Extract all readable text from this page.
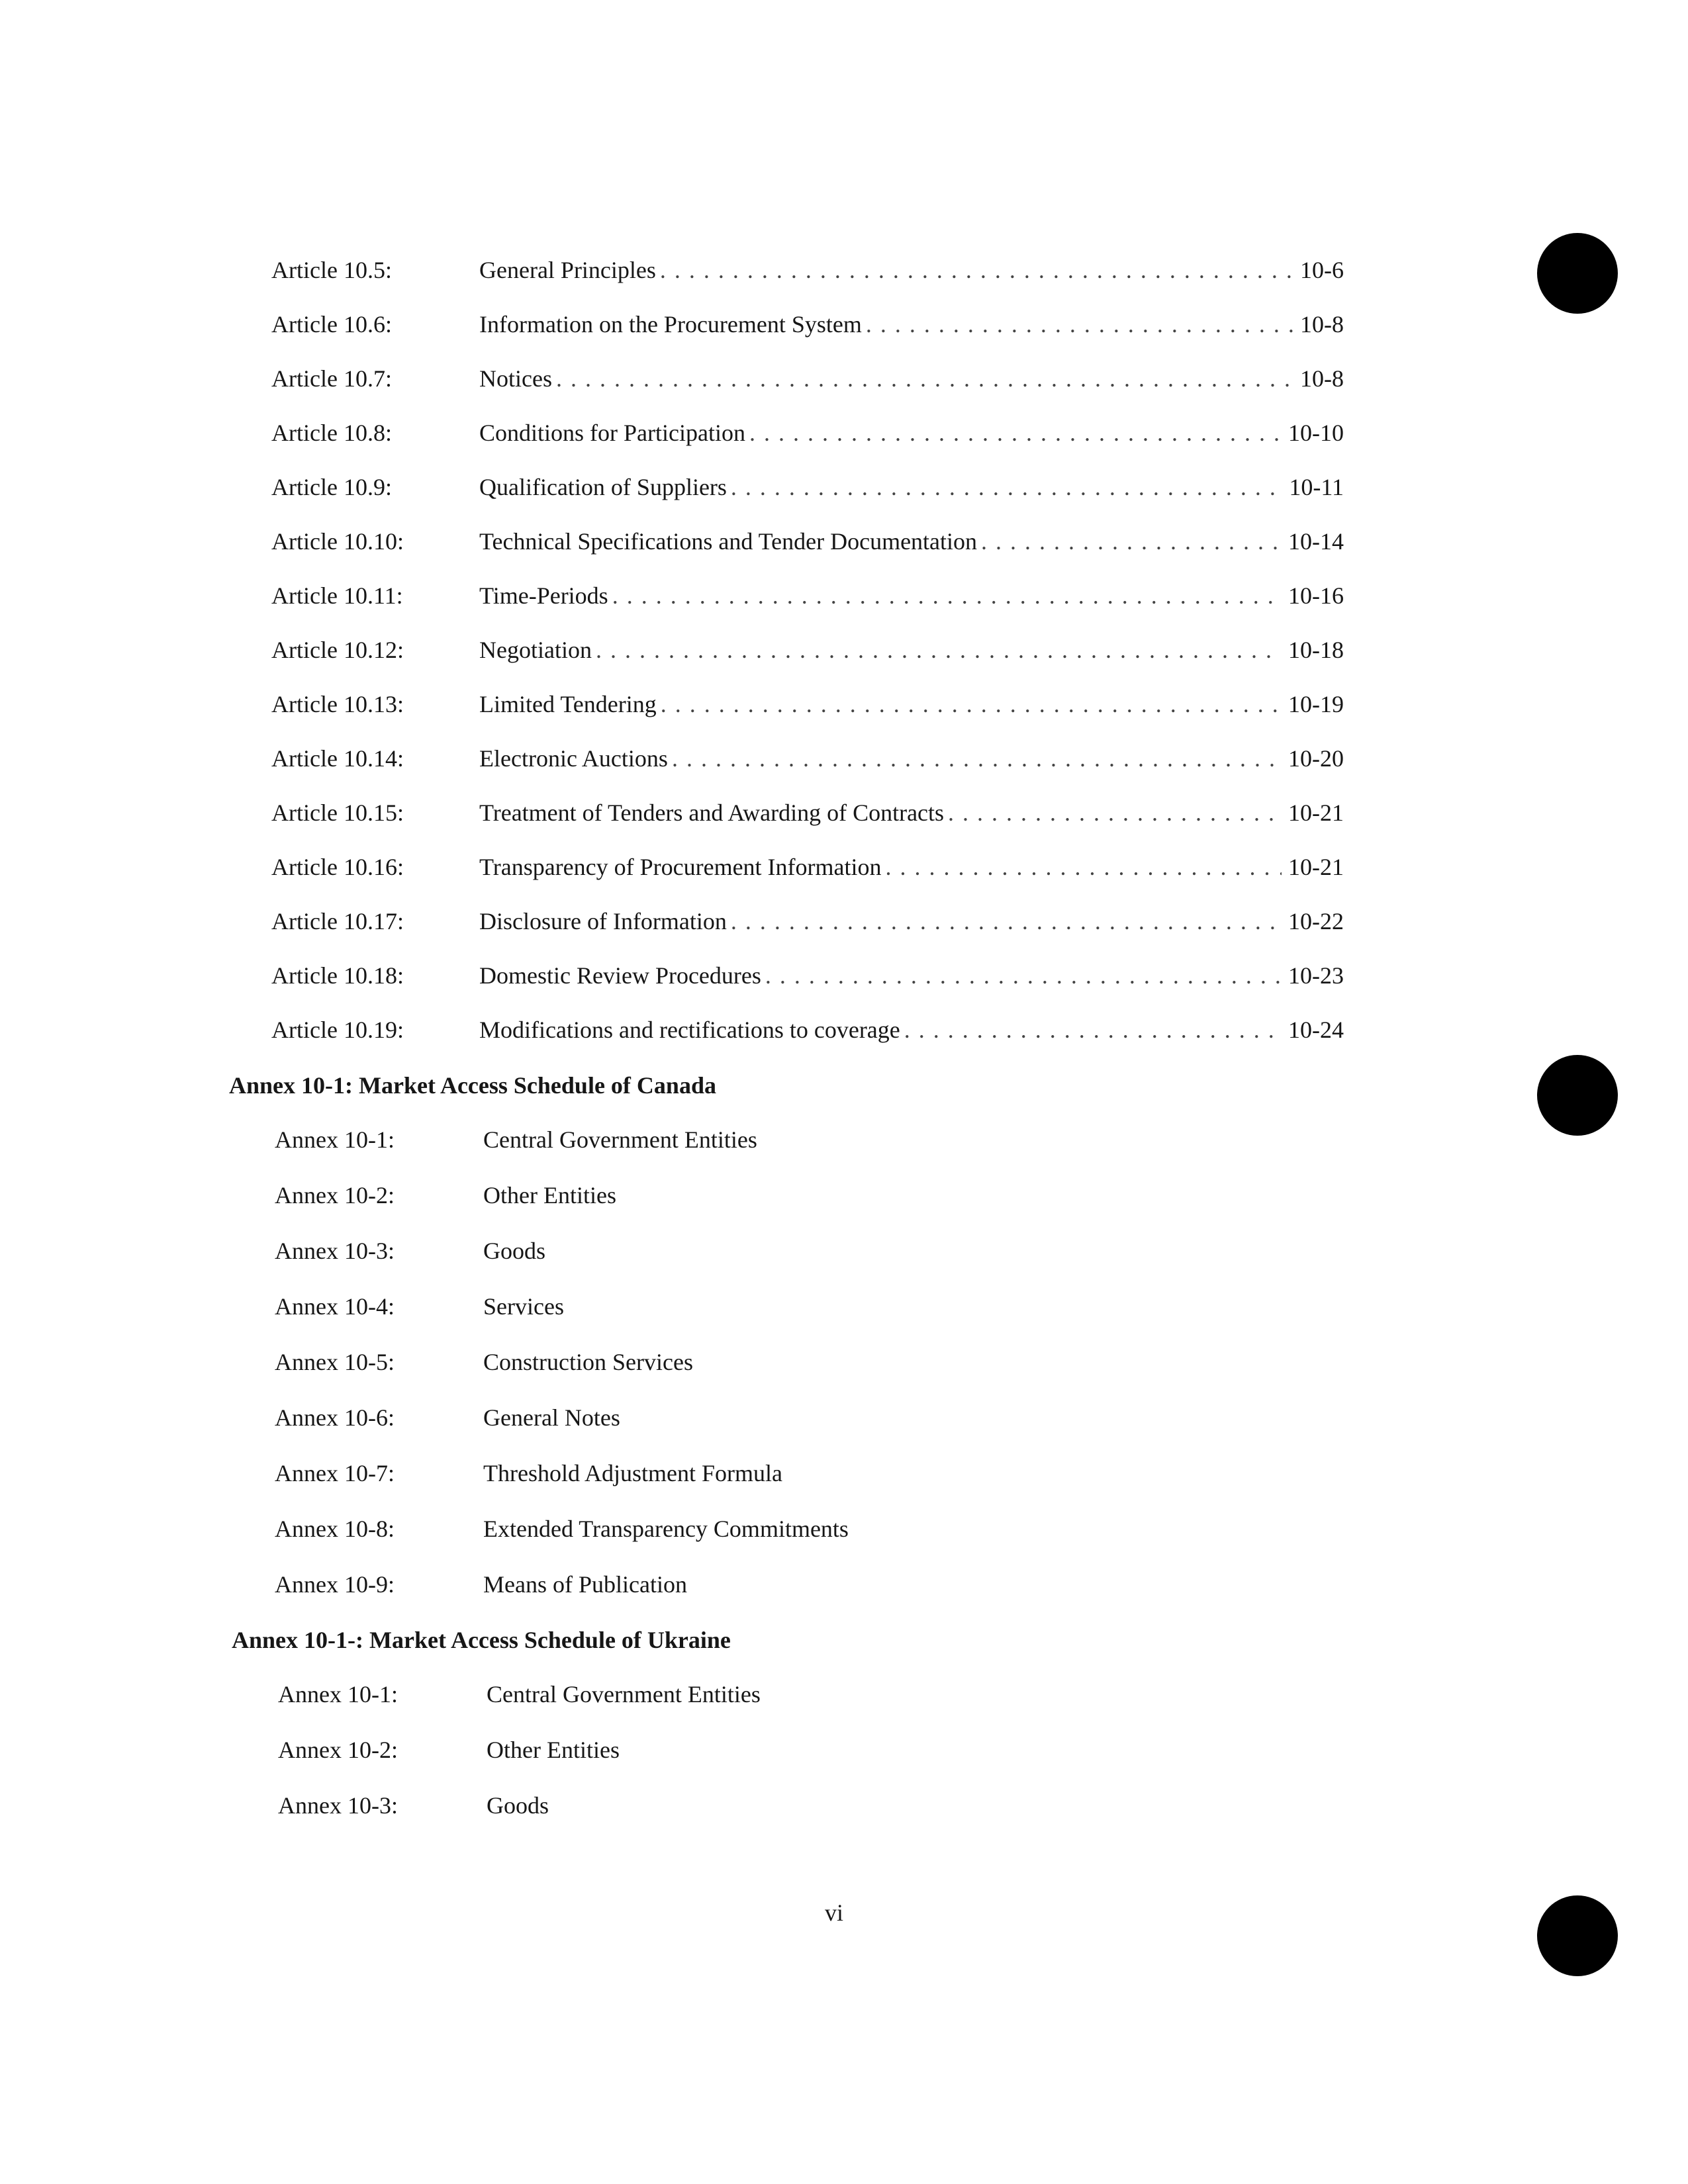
Article 10.5:	General Principles . . .	10-6
Article 10.6:	Information on the Procurement System . . .	10-8
Article 10.7:	Notices . . .	10-8
Article 10.8:	Conditions for Participation . . .	10-10
Article 10.9:	Qualification of Suppliers . . .	10-11
Article 10.10:	Technical Specifications and Tender Documentation . . .	10-14
Article 10.11:	Time-Periods . . .	10-16
Article 10.12:	Negotiation . . .	10-18
Article 10.13:	Limited Tendering . . .	10-19
Article 10.14:	Electronic Auctions . . .	10-20
Article 10.15:	Treatment of Tenders and Awarding of Contracts . . .	10-21
Article 10.16:	Transparency of Procurement Information . . .	10-21
Article 10.17:	Disclosure of Information . . .	10-22
Article 10.18:	Domestic Review Procedures . . .	10-23
Article 10.19:	Modifications and rectifications to coverage . . .	10-24
Annex 10-1: Market Access Schedule of Canada
Annex 10-1:	Central Government Entities
Annex 10-2:	Other Entities
Annex 10-3:	Goods
Annex 10-4:	Services
Annex 10-5:	Construction Services
Annex 10-6:	General Notes
Annex 10-7:	Threshold Adjustment Formula
Annex 10-8:	Extended Transparency Commitments
Annex 10-9:	Means of Publication
Annex 10-1-: Market Access Schedule of Ukraine
Annex 10-1:	Central Government Entities
Annex 10-2:	Other Entities
Annex 10-3:	Goods
vi
